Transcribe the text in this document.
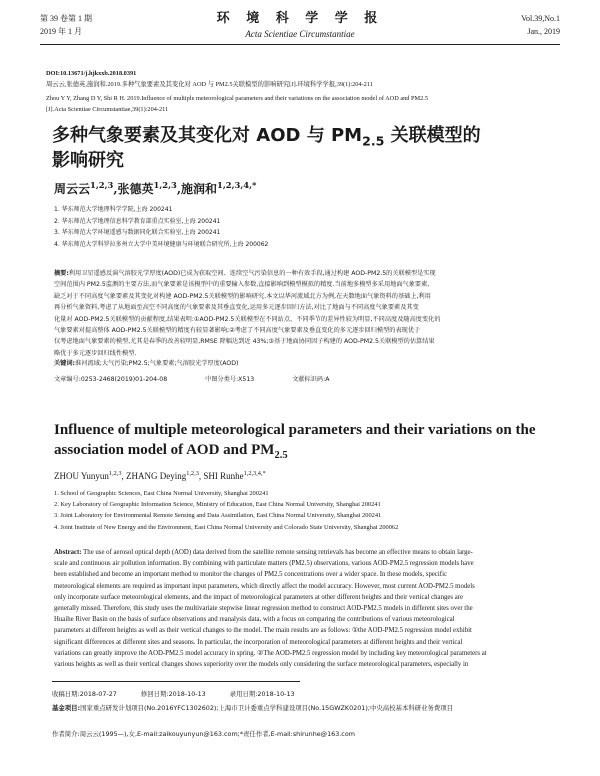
第 39 卷第 1 期
2019 年 1 月
环 境 科 学 学 报
Acta Scientiae Circumstantiae
Vol.39,No.1
Jan., 2019
DOI:10.13671/j.hjkxxb.2018.0391
周云云,张德英,施润和.2019.多种气象要素及其变化对 AOD 与 PM2.5关联模型的影响研究[J].环境科学学报,39(1):204-211
Zhou Y Y, Zhang D Y, Shi R H. 2019.Influence of multiple meteorological parameters and their variations on the association model of AOD and PM2.5
[J].Acta Scientiae Circumstantiae,39(1):204-211
多种气象要素及其变化对 AOD 与 $PM_{2.5}$ 关联模型的
影响研究
周云云$^{1,2,3}$,张德英$^{1,2,3}$,施润和$^{1,2,3,4,*}$
1. 华东师范大学地理科学学院,上海 200241
2. 华东师范大学地理信息科学教育部重点实验室,上海 200241
3. 华东师范大学环境遥感与数据同化联合实验室,上海 200241
4. 华东师范大学科罗拉多州立大学中美环境健康与环境联合研究所,上海 200062
摘要:利用卫星遥感反演气溶胶光学厚度(AOD)已成为获取空间、连续空气污染信息的一种有效手段,通过构建 AOD-PM2.5的关联模型是实现
空间范围内 PM2.5监测的主要方法,而气象要素是该模型中的重要输入参数,直接影响到模型模拟的精度.当前地多模型多采用地面气象要素,
缺乏对于不同高度气象要素及其变化对构建 AOD-PM2.5关联模型的影响研究.本文以华河流域北方为例,在天数地面气象资料的基础上,利用
再分析气象资料,考虑了从地面至高空不同高度的气象要素及其垂直变化,运用多元逐步回归方法,对比了地面与不同高度气象要素及其变
化量对 AOD-PM2.5关联模型的贡献程度,结果表明:①AOD-PM2.5关联模型在不同站点、不同季节的差异性较为明显,不同高度及随高度变化的
气象要素对提高整体 AOD-PM2.5关联模型的精度有较显著影响;②考虑了不同高度气象要素及垂直变化的多元逐步回归模型的表现优于
仅考虑地面气象要素的模型,尤其是春季的改善较明显,RMSE 降幅达到近 43%;③基于地面协同因子构建的 AOD-PM2.5关联模型的估算结果
略优于多元逐步回归线性模型.
关键词:淮河流域;大气污染;PM2.5;气象要素;气溶胶光学厚度(AOD)
文章编号:0253-2468(2019)01-204-08	中图分类号:X513	文献标识码:A
Influence of multiple meteorological parameters and their variations on the
association model of AOD and $PM_{2.5}$
ZHOU Yunyun$^{1,2,3}$, ZHANG Deying$^{1,2,3}$, SHI Runhe$^{1,2,3,4,*}$
1. School of Geographic Sciences, East China Normal University, Shanghai 200241
2. Key Laboratory of Geographic Information Science, Ministry of Education, East China Normal University, Shanghai 200241
3. Joint Laboratory for Environmental Remote Sensing and Data Assimilation, East China Normal University, Shanghai 200241
4. Joint Institute of New Energy and the Environment, East China Normal University and Colorado State University, Shanghai 200062
Abstract: The use of aerosol optical depth (AOD) data derived from the satellite remote sensing retrievals has become an effective means to obtain large-
scale and continuous air pollution information. By combining with particulate matters (PM2.5) observations, various AOD-PM2.5 regression models have
been established and become an important method to monitor the changes of PM2.5 concentrations over a wider space. In these models, specific
meteorological elements are required as important input parameters, which directly affect the model accuracy. However, most current AOD-PM2.5 models
only incorporate surface meteorological elements, and the impact of meteorological parameters at other different heights and their vertical changes are
generally missed. Therefore, this study uses the multivariate stepwise linear regression method to construct AOD-PM2.5 models in different sites over the
Huaihe River Basin on the basis of surface observations and reanalysis data, with a focus on comparing the contributions of various meteorological
parameters at different heights as well as their vertical changes to the model. The main results are as follows: ①the AOD-PM2.5 regression model exhibit
significant differences at different sites and seasons. In particular, the incorporation of meteorological parameters at different heights and their vertical
variations can greatly improve the AOD-PM2.5 model accuracy in spring. ②The AOD-PM2.5 regression model by including key meteorological parameters at
various heights as well as their vertical changes shows superiority over the models only considering the surface meteorological parameters, especially in
收稿日期:2018-07-27	修回日期:2018-10-13	录用日期:2018-10-13
基金项目:国家重点研发计划项目(No.2016YFC1302602);上海市卫计委重点学科建设项目(No.15GWZK0201);中央高校基本科研业务费项目
作者简介:周云云(1995—),女,E-mail:zaikouyunyun@163.com;*责任作者,E-mail:shirunhe@163.com
